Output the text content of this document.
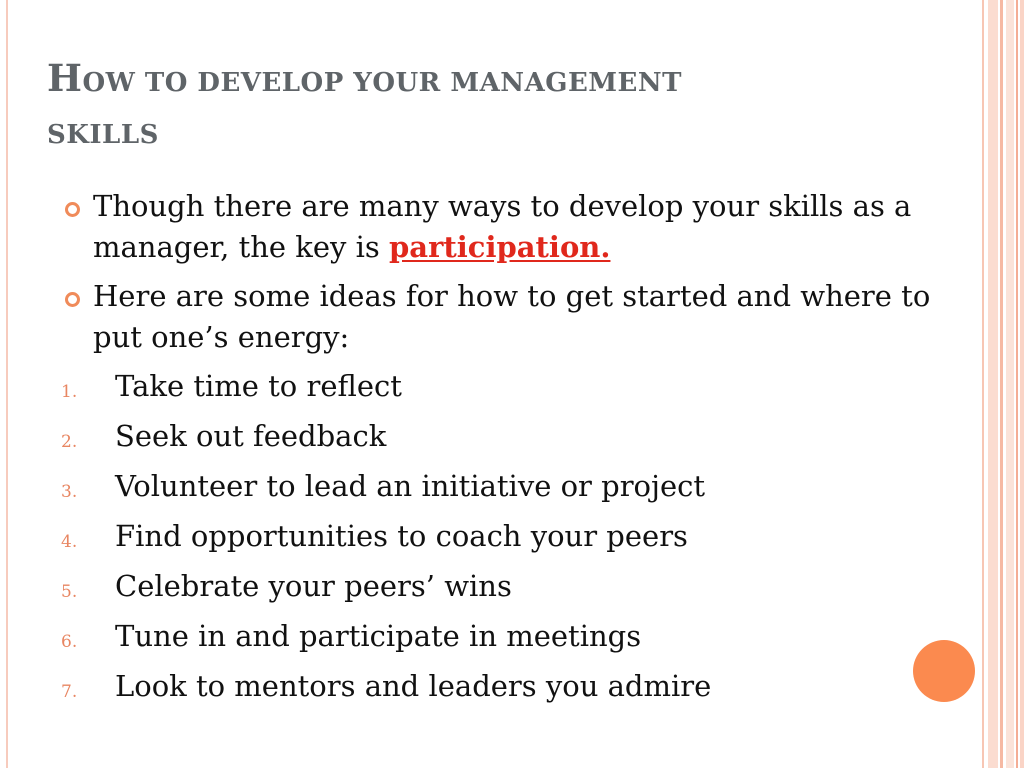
HOW TO DEVELOP YOUR MANAGEMENT
SKILLS
Though there are many ways to develop your skills as a manager, the key is participation.
Here are some ideas for how to get started and where to put one’s energy:
1. Take time to reflect
2. Seek out feedback
3. Volunteer to lead an initiative or project
4. Find opportunities to coach your peers
5. Celebrate your peers’ wins
6. Tune in and participate in meetings
7. Look to mentors and leaders you admire
